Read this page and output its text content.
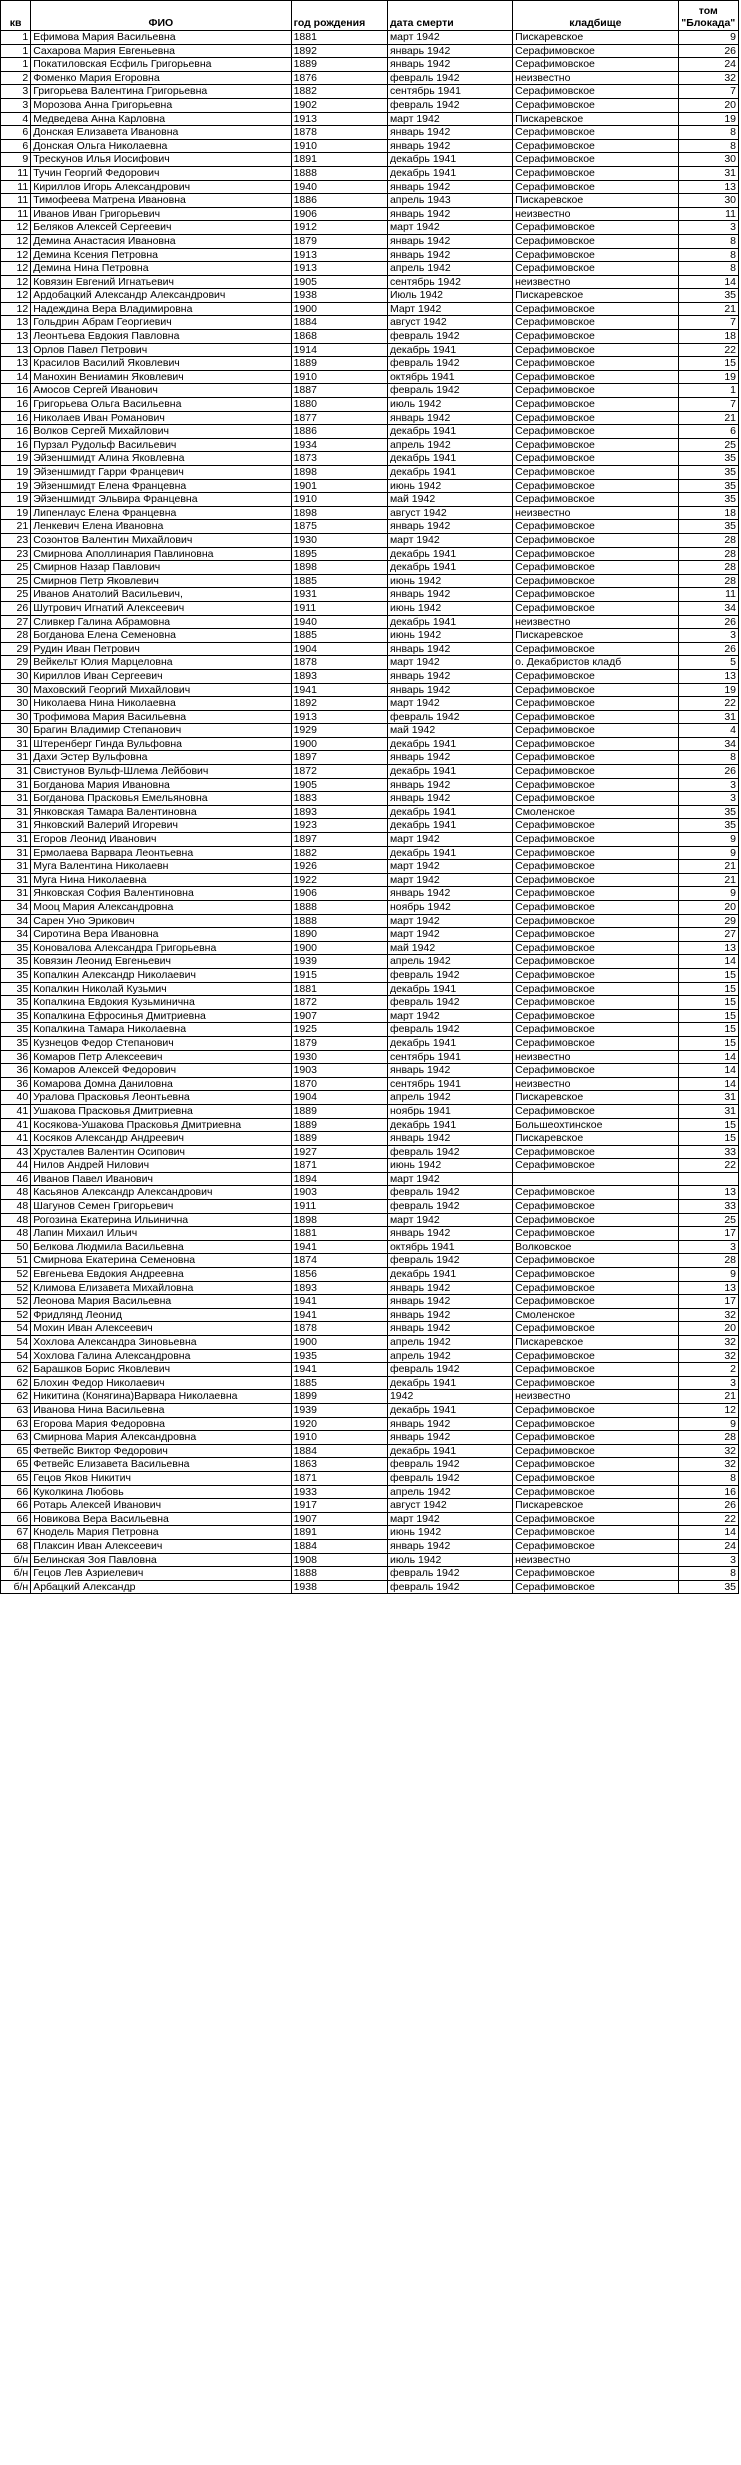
кв	ФИО	год рождения	дата смерти	кладбище	том "Блокада"
1	Ефимова Мария Васильевна	1881	март 1942	Пискаревское	9
1	Сахарова Мария Евгеньевна	1892	январь 1942	Серафимовское	26
1	Покатиловская Есфиль Григорьевна	1889	январь 1942	Серафимовское	24
2	Фоменко Мария Егоровна	1876	февраль 1942	неизвестно	32
3	Григорьева Валентина Григорьевна	1882	сентябрь 1941	Серафимовское	7
3	Морозова Анна Григорьевна	1902	февраль 1942	Серафимовское	20
4	Медведева Анна Карловна	1913	март 1942	Пискаревское	19
6	Донская Елизавета Ивановна	1878	январь 1942	Серафимовское	8
6	Донская Ольга Николаевна	1910	январь 1942	Серафимовское	8
9	Трескунов Илья Иосифович	1891	декабрь 1941	Серафимовское	30
11	Тучин Георгий Федорович	1888	декабрь 1941	Серафимовское	31
11	Кириллов Игорь Александрович	1940	январь 1942	Серафимовское	13
11	Тимофеева Матрена Ивановна	1886	апрель 1943	Пискаревское	30
11	Иванов Иван Григорьевич	1906	январь 1942	неизвестно	11
12	Беляков Алексей Сергеевич	1912	март 1942	Серафимовское	3
12	Демина Анастасия Ивановна	1879	январь 1942	Серафимовское	8
12	Демина Ксения Петровна	1913	январь 1942	Серафимовское	8
12	Демина Нина Петровна	1913	апрель 1942	Серафимовское	8
12	Ковязин Евгений Игнатьевич	1905	сентябрь 1942	неизвестно	14
12	Ардобацкий Александр Александрович	1938	Июль 1942	Пискаревское	35
12	Надеждина Вера Владимировна	1900	Март 1942	Серафимовское	21
13	Гольдрин Абрам Георгиевич	1884	август 1942	Серафимовское	7
13	Леонтьева Евдокия Павловна	1868	февраль 1942	Серафимовское	18
13	Орлов Павел Петрович	1914	декабрь 1941	Серафимовское	22
13	Красилов Василий Яковлевич	1889	февраль 1942	Серафимовское	15
14	Манохин Вениамин Яковлевич	1910	октябрь 1941	Серафимовское	19
16	Амосов Сергей Иванович	1887	февраль 1942	Серафимовское	1
16	Григорьева Ольга Васильевна	1880	июль 1942	Серафимовское	7
16	Николаев Иван Романович	1877	январь 1942	Серафимовское	21
16	Волков Сергей Михайлович	1886	декабрь 1941	Серафимовское	6
16	Пурзал Рудольф Васильевич	1934	апрель 1942	Серафимовское	25
19	Эйзеншмидт Алина Яковлевна	1873	декабрь 1941	Серафимовское	35
19	Эйзеншмидт Гарри Францевич	1898	декабрь 1941	Серафимовское	35
19	Эйзеншмидт Елена Францевна	1901	июнь 1942	Серафимовское	35
19	Эйзеншмидт Эльвира Францевна	1910	май 1942	Серафимовское	35
19	Липенлаус Елена Францевна	1898	август 1942	неизвестно	18
21	Ленкевич Елена Ивановна	1875	январь 1942	Серафимовское	35
23	Созонтов Валентин Михайлович	1930	март 1942	Серафимовское	28
23	Смирнова Аполлинария Павлиновна	1895	декабрь 1941	Серафимовское	28
25	Смирнов Назар Павлович	1898	декабрь 1941	Серафимовское	28
25	Смирнов Петр Яковлевич	1885	июнь 1942	Серафимовское	28
25	Иванов Анатолий Васильевич,	1931	январь 1942	Серафимовское	11
26	Шутрович Игнатий Алексеевич	1911	июнь 1942	Серафимовское	34
27	Сливкер Галина Абрамовна	1940	декабрь 1941	неизвестно	26
28	Богданова Елена Семеновна	1885	июнь 1942	Пискаревское	3
29	Рудин Иван Петрович	1904	январь 1942	Серафимовское	26
29	Вейкельт Юлия Марцеловна	1878	март 1942	о. Декабристов кладб	5
30	Кириллов Иван Сергеевич	1893	январь 1942	Серафимовское	13
30	Маховский Георгий Михайлович	1941	январь 1942	Серафимовское	19
30	Николаева Нина Николаевна	1892	март 1942	Серафимовское	22
30	Трофимова Мария Васильевна	1913	февраль 1942	Серафимовское	31
30	Брагин Владимир Степанович	1929	май 1942	Серафимовское	4
31	Штеренберг Гинда Вульфовна	1900	декабрь 1941	Серафимовское	34
31	Дахи Эстер Вульфовна	1897	январь 1942	Серафимовское	8
31	Свистунов Вульф-Шлема Лейбович	1872	декабрь 1941	Серафимовское	26
31	Богданова Мария Ивановна	1905	январь 1942	Серафимовское	3
31	Богданова Прасковья Емельяновна	1883	январь 1942	Серафимовское	3
31	Янковская Тамара Валентиновна	1893	декабрь 1941	Смоленское	35
31	Янковский Валерий Игоревич	1923	декабрь 1941	Серафимовское	35
31	Егоров Леонид Иванович	1897	март 1942	Серафимовское	9
31	Ермолаева Варвара Леонтьевна	1882	декабрь 1941	Серафимовское	9
31	Муга Валентина Николаевн	1926	март 1942	Серафимовское	21
31	Муга Нина Николаевна	1922	март 1942	Серафимовское	21
31	Янковская София Валентиновна	1906	январь 1942	Серафимовское	9
34	Мооц Мария Александровна	1888	ноябрь 1942	Серафимовское	20
34	Сарен Уно Эрикович	1888	март 1942	Серафимовское	29
34	Сиротина Вера Ивановна	1890	март 1942	Серафимовское	27
35	Коновалова Александра Григорьевна	1900	май 1942	Серафимовское	13
35	Ковязин Леонид Евгеньевич	1939	апрель 1942	Серафимовское	14
35	Копалкин Александр Николаевич	1915	февраль 1942	Серафимовское	15
35	Копалкин Николай Кузьмич	1881	декабрь 1941	Серафимовское	15
35	Копалкина Евдокия Кузьминична	1872	февраль 1942	Серафимовское	15
35	Копалкина Ефросинья Дмитриевна	1907	март 1942	Серафимовское	15
35	Копалкина Тамара Николаевна	1925	февраль 1942	Серафимовское	15
35	Кузнецов Федор Степанович	1879	декабрь 1941	Серафимовское	15
36	Комаров Петр Алексеевич	1930	сентябрь 1941	неизвестно	14
36	Комаров Алексей Федорович	1903	январь 1942	Серафимовское	14
36	Комарова Домна Даниловна	1870	сентябрь 1941	неизвестно	14
40	Уралова Прасковья Леонтьевна	1904	апрель 1942	Пискаревское	31
41	Ушакова Прасковья Дмитриевна	1889	ноябрь 1941	Серафимовское	31
41	Косякова-Ушакова Прасковья Дмитриевна	1889	декабрь 1941	Большеохтинское	15
41	Косяков Александр Андреевич	1889	январь 1942	Пискаревское	15
43	Хрусталев Валентин Осипович	1927	февраль 1942	Серафимовское	33
44	Нилов Андрей Нилович	1871	июнь 1942	Серафимовское	22
46	Иванов Павел Иванович	1894	март 1942		
48	Касьянов Александр Александрович	1903	февраль 1942	Серафимовское	13
48	Шагунов Семен Григорьевич	1911	февраль 1942	Серафимовское	33
48	Рогозина Екатерина Ильинична	1898	март 1942	Серафимовское	25
48	Лапин Михаил Ильич	1881	январь 1942	Серафимовское	17
50	Белкова Людмила Васильевна	1941	октябрь 1941	Волковское	3
51	Смирнова Екатерина Семеновна	1874	февраль 1942	Серафимовское	28
52	Евгеньева Евдокия Андреевна	1856	декабрь 1941	Серафимовское	9
52	Климова Елизавета Михайловна	1893	январь 1942	Серафимовское	13
52	Леонова Мария Васильевна	1941	январь 1942	Серафимовское	17
52	Фридлянд Леонид	1941	январь 1942	Смоленское	32
54	Мохин Иван Алексеевич	1878	январь 1942	Серафимовское	20
54	Хохлова Александра Зиновьевна	1900	апрель 1942	Пискаревское	32
54	Хохлова Галина Александровна	1935	апрель 1942	Серафимовское	32
62	Барашков Борис Яковлевич	1941	февраль 1942	Серафимовское	2
62	Блохин Федор Николаевич	1885	декабрь 1941	Серафимовское	3
62	Никитина (Конягина)Варвара Николаевна	1899	1942	неизвестно	21
63	Иванова Нина Васильевна	1939	декабрь 1941	Серафимовское	12
63	Егорова Мария Федоровна	1920	январь 1942	Серафимовское	9
63	Смирнова Мария Александровна	1910	январь 1942	Серафимовское	28
65	Фетвейс Виктор Федорович	1884	декабрь 1941	Серафимовское	32
65	Фетвейс Елизавета Васильевна	1863	февраль 1942	Серафимовское	32
65	Гецов Яков Никитич	1871	февраль 1942	Серафимовское	8
66	Куколкина Любовь	1933	апрель 1942	Серафимовское	16
66	Ротарь Алексей Иванович	1917	август 1942	Пискаревское	26
66	Новикова Вера Васильевна	1907	март 1942	Серафимовское	22
67	Кнодель Мария Петровна	1891	июнь 1942	Серафимовское	14
68	Плаксин Иван Алексеевич	1884	январь 1942	Серафимовское	24
б/н	Белинская Зоя Павловна	1908	июль 1942	неизвестно	3
б/н	Гецов Лев Азриелевич	1888	февраль 1942	Серафимовское	8
б/н	Арбацкий Александр	1938	февраль 1942	Серафимовское	35
